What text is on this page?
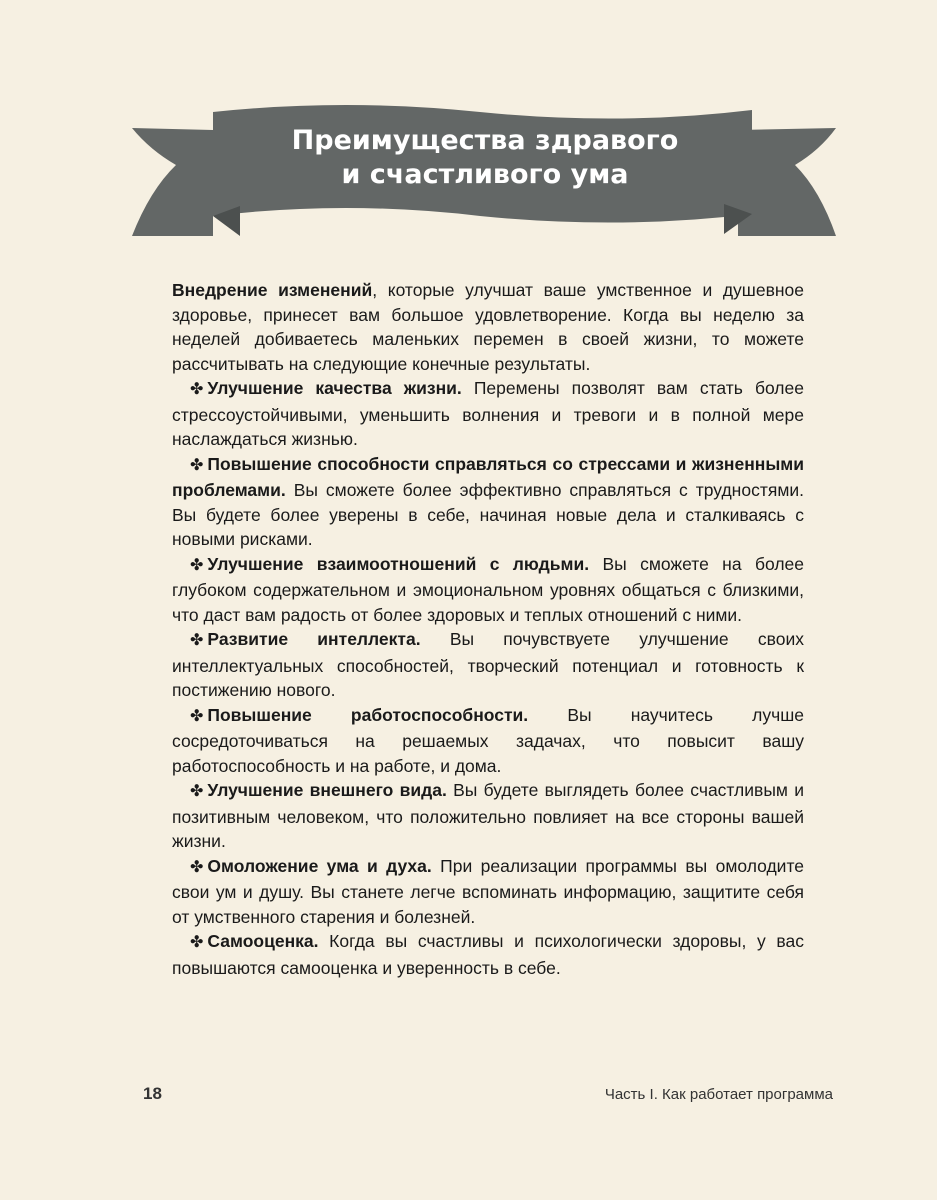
Преимущества здравого
и счастливого ума

Внедрение изменений, которые улучшат ваше умственное и душевное здоровье, принесет вам большое удовлетворение. Когда вы неделю за неделей добиваетесь маленьких перемен в своей жизни, то можете рассчитывать на следующие конечные результаты.

✤ Улучшение качества жизни. Перемены позволят вам стать более стрессоустойчивыми, уменьшить волнения и тревоги и в полной мере наслаждаться жизнью.

✤ Повышение способности справляться со стрессами и жизненными проблемами. Вы сможете более эффективно справляться с трудностями. Вы будете более уверены в себе, начиная новые дела и сталкиваясь с новыми рисками.

✤ Улучшение взаимоотношений с людьми. Вы сможете на более глубоком содержательном и эмоциональном уровнях общаться с близкими, что даст вам радость от более здоровых и теплых отношений с ними.

✤ Развитие интеллекта. Вы почувствуете улучшение своих интеллектуальных способностей, творческий потенциал и готовность к постижению нового.

✤ Повышение работоспособности. Вы научитесь лучше сосредоточиваться на решаемых задачах, что повысит вашу работоспособность и на работе, и дома.

✤ Улучшение внешнего вида. Вы будете выглядеть более счастливым и позитивным человеком, что положительно повлияет на все стороны вашей жизни.

✤ Омоложение ума и духа. При реализации программы вы омолодите свои ум и душу. Вы станете легче вспоминать информацию, защитите себя от умственного старения и болезней.

✤ Самооценка. Когда вы счастливы и психологически здоровы, у вас повышаются самооценка и уверенность в себе.

18	Часть I. Как работает программа
